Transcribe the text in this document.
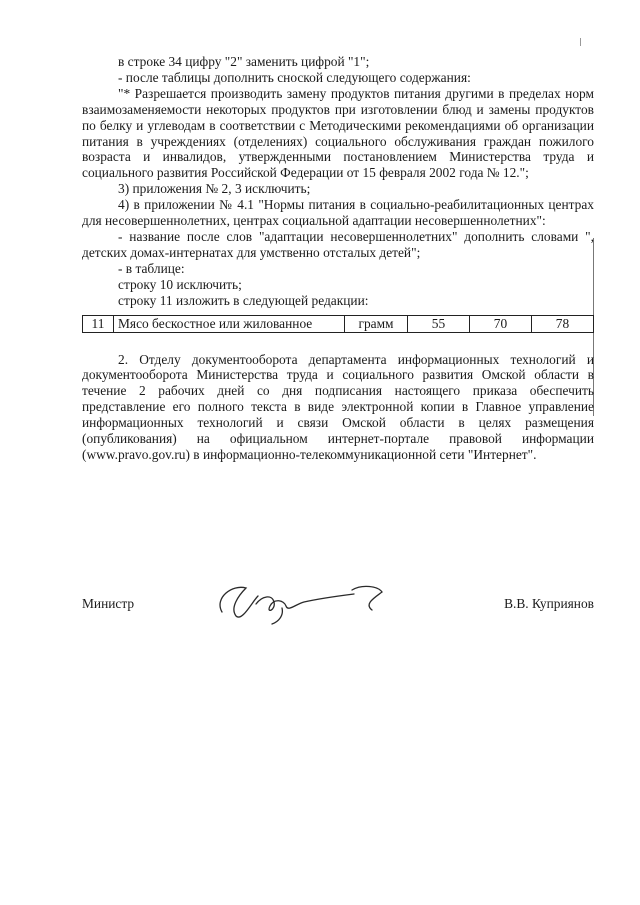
в строке 34 цифру "2" заменить цифрой "1";

- после таблицы дополнить сноской следующего содержания:

"* Разрешается производить замену продуктов питания другими в пределах норм взаимозаменяемости некоторых продуктов при изготовлении блюд и замены продуктов по белку и углеводам в соответствии с Методическими рекомендациями об организации питания в учреждениях (отделениях) социального обслуживания граждан пожилого возраста и инвалидов, утвержденными постановлением Министерства труда и социального развития Российской Федерации от 15 февраля 2002 года № 12.";

3) приложения № 2, 3 исключить;

4) в приложении № 4.1 "Нормы питания в социально-реабилитационных центрах для несовершеннолетних, центрах социальной адаптации несовершеннолетних":

- название после слов "адаптации несовершеннолетних" дополнить словами ", детских домах-интернатах для умственно отсталых детей";

- в таблице:

строку 10 исключить;

строку 11 изложить в следующей редакции:

11	Мясо бескостное или жилованное	грамм	55	70	78

2. Отделу документооборота департамента информационных технологий и документооборота Министерства труда и социального развития Омской области в течение 2 рабочих дней со дня подписания настоящего приказа обеспечить представление его полного текста в виде электронной копии в Главное управление информационных технологий и связи Омской области в целях размещения (опубликования) на официальном интернет-портале правовой информации (www.pravo.gov.ru) в информационно-телекоммуникационной сети "Интернет".

Министр	В.В. Куприянов
